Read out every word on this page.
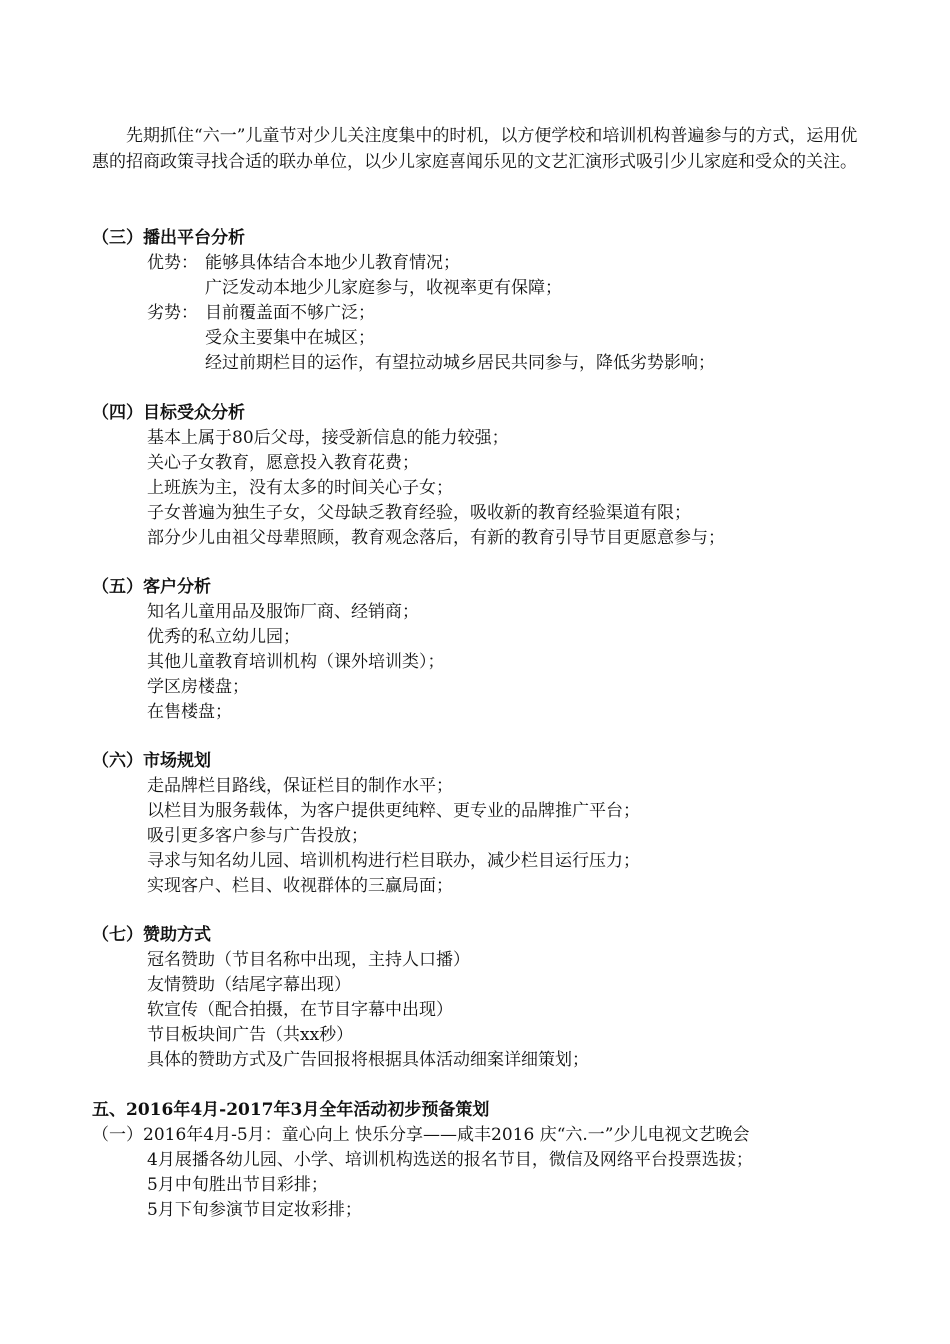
先期抓住“六一”儿童节对少儿关注度集中的时机，以方便学校和培训机构普遍参与的方式，运用优惠的招商政策寻找合适的联办单位，以少儿家庭喜闻乐见的文艺汇演形式吸引少儿家庭和受众的关注。

（三）播出平台分析
优势： 能够具体结合本地少儿教育情况；
广泛发动本地少儿家庭参与，收视率更有保障；
劣势： 目前覆盖面不够广泛；
受众主要集中在城区；
经过前期栏目的运作，有望拉动城乡居民共同参与，降低劣势影响；
（四）目标受众分析
基本上属于80后父母，接受新信息的能力较强；
关心子女教育，愿意投入教育花费；
上班族为主，没有太多的时间关心子女；
子女普遍为独生子女，父母缺乏教育经验，吸收新的教育经验渠道有限；
部分少儿由祖父母辈照顾，教育观念落后，有新的教育引导节目更愿意参与；
（五）客户分析
知名儿童用品及服饰厂商、经销商；
优秀的私立幼儿园；
其他儿童教育培训机构（课外培训类）；
学区房楼盘；
在售楼盘；
（六）市场规划
走品牌栏目路线，保证栏目的制作水平；
以栏目为服务载体，为客户提供更纯粹、更专业的品牌推广平台；
吸引更多客户参与广告投放；
寻求与知名幼儿园、培训机构进行栏目联办，减少栏目运行压力；
实现客户、栏目、收视群体的三赢局面；
（七）赞助方式
冠名赞助（节目名称中出现，主持人口播）
友情赞助（结尾字幕出现）
软宣传（配合拍摄，在节目字幕中出现）
节目板块间广告（共xx秒）
具体的赞助方式及广告回报将根据具体活动细案详细策划；
五、2016年4月-2017年3月全年活动初步预备策划
（一）2016年4月-5月：童心向上 快乐分享——咸丰2016 庆“六.一”少儿电视文艺晚会
4月展播各幼儿园、小学、培训机构选送的报名节目，微信及网络平台投票选拔；
5月中旬胜出节目彩排；
5月下旬参演节目定妆彩排；
